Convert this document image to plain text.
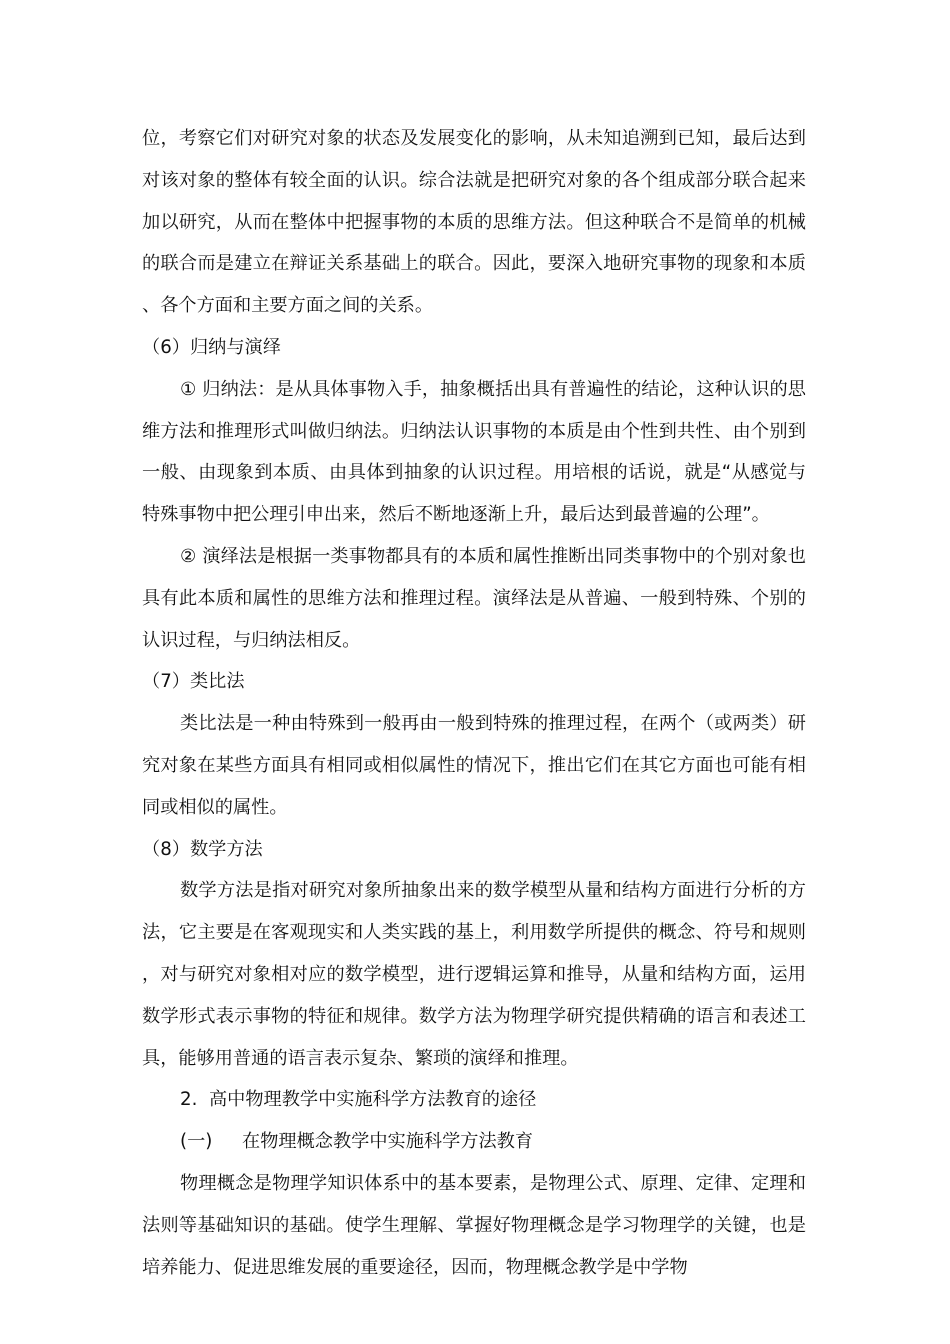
位，考察它们对研究对象的状态及发展变化的影响，从未知追溯到已知，最后达到对该对象的整体有较全面的认识。综合法就是把研究对象的各个组成部分联合起来加以研究，从而在整体中把握事物的本质的思维方法。但这种联合不是简单的机械的联合而是建立在辩证关系基础上的联合。因此，要深入地研究事物的现象和本质、各个方面和主要方面之间的关系。

（6）归纳与演绎

① 归纳法：是从具体事物入手，抽象概括出具有普遍性的结论，这种认识的思维方法和推理形式叫做归纳法。归纳法认识事物的本质是由个性到共性、由个别到一般、由现象到本质、由具体到抽象的认识过程。用培根的话说，就是“从感觉与特殊事物中把公理引申出来，然后不断地逐渐上升，最后达到最普遍的公理”。

② 演绎法是根据一类事物都具有的本质和属性推断出同类事物中的个别对象也具有此本质和属性的思维方法和推理过程。演绎法是从普遍、一般到特殊、个别的认识过程，与归纳法相反。

（7）类比法

类比法是一种由特殊到一般再由一般到特殊的推理过程，在两个（或两类）研究对象在某些方面具有相同或相似属性的情况下，推出它们在其它方面也可能有相同或相似的属性。

（8）数学方法

数学方法是指对研究对象所抽象出来的数学模型从量和结构方面进行分析的方法，它主要是在客观现实和人类实践的基上，利用数学所提供的概念、符号和规则，对与研究对象相对应的数学模型，进行逻辑运算和推导，从量和结构方面，运用数学形式表示事物的特征和规律。数学方法为物理学研究提供精确的语言和表述工具，能够用普通的语言表示复杂、繁琐的演绎和推理。

2. 高中物理教学中实施科学方法教育的途径

(一) 在物理概念教学中实施科学方法教育

物理概念是物理学知识体系中的基本要素，是物理公式、原理、定律、定理和法则等基础知识的基础。使学生理解、掌握好物理概念是学习物理学的关键，也是培养能力、促进思维发展的重要途径，因而，物理概念教学是中学物
